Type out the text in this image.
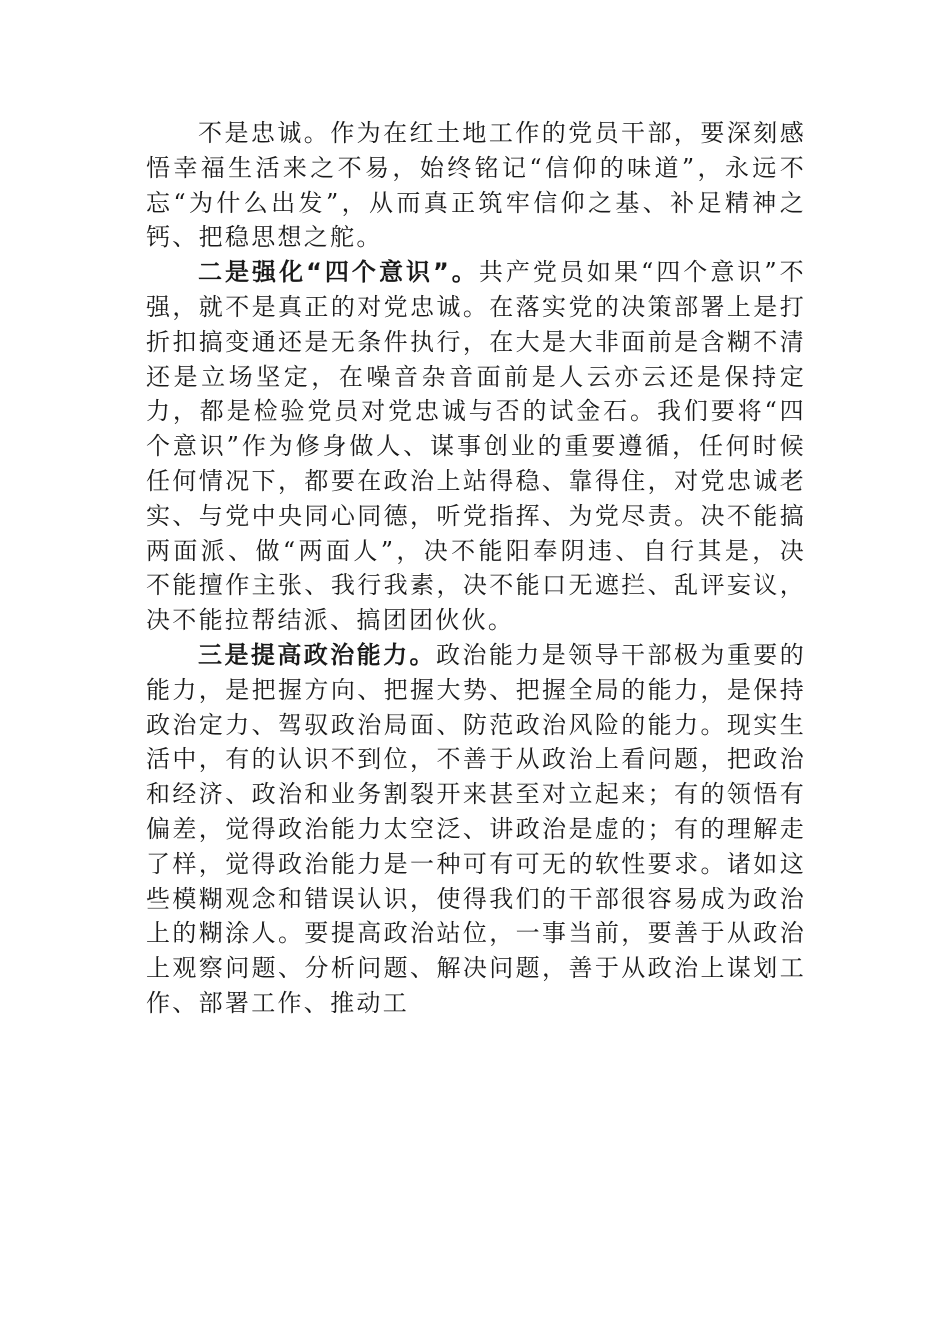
不是忠诚。作为在红土地工作的党员干部，要深刻感悟幸福生活来之不易，始终铭记“信仰的味道”，永远不忘“为什么出发”，从而真正筑牢信仰之基、补足精神之钙、把稳思想之舵。

二是强化“四个意识”。共产党员如果“四个意识”不强，就不是真正的对党忠诚。在落实党的决策部署上是打折扣搞变通还是无条件执行，在大是大非面前是含糊不清还是立场坚定，在噪音杂音面前是人云亦云还是保持定力，都是检验党员对党忠诚与否的试金石。我们要将“四个意识”作为修身做人、谋事创业的重要遵循，任何时候任何情况下，都要在政治上站得稳、靠得住，对党忠诚老实、与党中央同心同德，听党指挥、为党尽责。决不能搞两面派、做“两面人”，决不能阳奉阴违、自行其是，决不能擅作主张、我行我素，决不能口无遮拦、乱评妄议，决不能拉帮结派、搞团团伙伙。

三是提高政治能力。政治能力是领导干部极为重要的能力，是把握方向、把握大势、把握全局的能力，是保持政治定力、驾驭政治局面、防范政治风险的能力。现实生活中，有的认识不到位，不善于从政治上看问题，把政治和经济、政治和业务割裂开来甚至对立起来；有的领悟有偏差，觉得政治能力太空泛、讲政治是虚的；有的理解走了样，觉得政治能力是一种可有可无的软性要求。诸如这些模糊观念和错误认识，使得我们的干部很容易成为政治上的糊涂人。要提高政治站位，一事当前，要善于从政治上观察问题、分析问题、解决问题，善于从政治上谋划工作、部署工作、推动工
